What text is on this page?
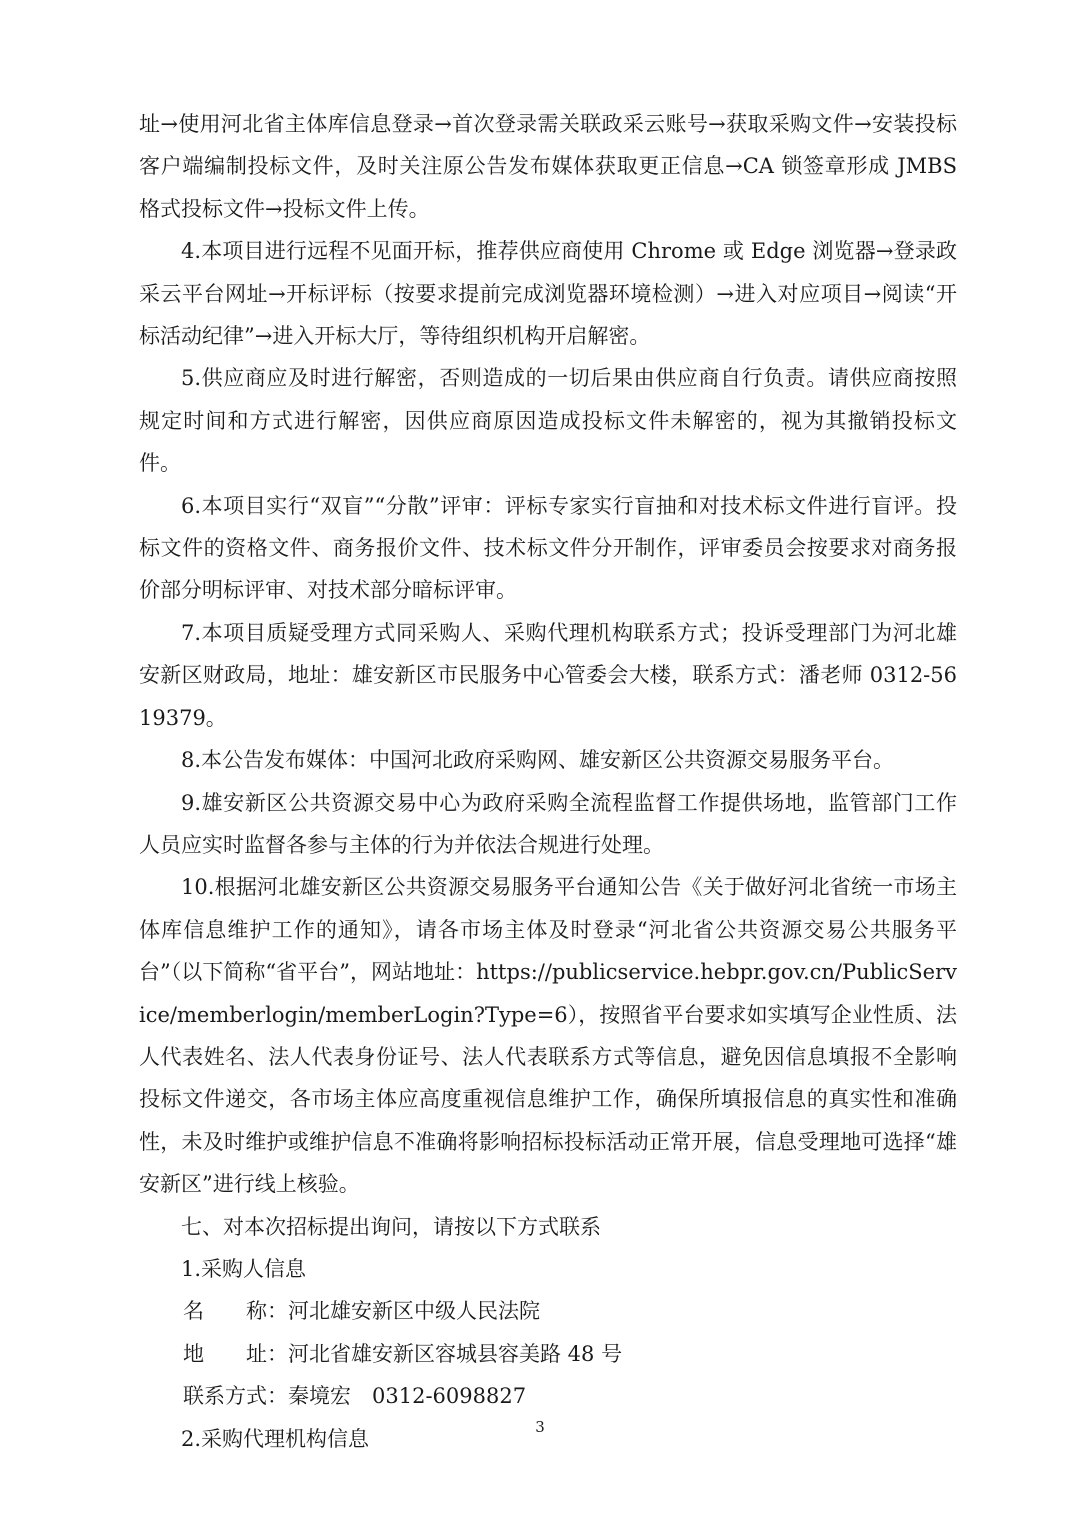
址→使用河北省主体库信息登录→首次登录需关联政采云账号→获取采购文件→安装投标客户端编制投标文件，及时关注原公告发布媒体获取更正信息→CA 锁签章形成 JMBS 格式投标文件→投标文件上传。

4.本项目进行远程不见面开标，推荐供应商使用 Chrome 或 Edge 浏览器→登录政采云平台网址→开标评标（按要求提前完成浏览器环境检测）→进入对应项目→阅读“开标活动纪律”→进入开标大厅，等待组织机构开启解密。

5.供应商应及时进行解密，否则造成的一切后果由供应商自行负责。请供应商按照规定时间和方式进行解密，因供应商原因造成投标文件未解密的，视为其撤销投标文件。

6.本项目实行“双盲”“分散”评审：评标专家实行盲抽和对技术标文件进行盲评。投标文件的资格文件、商务报价文件、技术标文件分开制作，评审委员会按要求对商务报价部分明标评审、对技术部分暗标评审。

7.本项目质疑受理方式同采购人、采购代理机构联系方式；投诉受理部门为河北雄安新区财政局，地址：雄安新区市民服务中心管委会大楼，联系方式：潘老师 0312-5619379。

8.本公告发布媒体：中国河北政府采购网、雄安新区公共资源交易服务平台。

9.雄安新区公共资源交易中心为政府采购全流程监督工作提供场地，监管部门工作人员应实时监督各参与主体的行为并依法合规进行处理。

10.根据河北雄安新区公共资源交易服务平台通知公告《关于做好河北省统一市场主体库信息维护工作的通知》，请各市场主体及时登录“河北省公共资源交易公共服务平台”（以下简称“省平台”，网站地址：https://publicservice.hebpr.gov.cn/PublicService/memberlogin/memberLogin?Type=6），按照省平台要求如实填写企业性质、法人代表姓名、法人代表身份证号、法人代表联系方式等信息，避免因信息填报不全影响投标文件递交，各市场主体应高度重视信息维护工作，确保所填报信息的真实性和准确性，未及时维护或维护信息不准确将影响招标投标活动正常开展，信息受理地可选择“雄安新区”进行线上核验。

七、对本次招标提出询问，请按以下方式联系

1.采购人信息

名　　称：河北雄安新区中级人民法院

地　　址：河北省雄安新区容城县容美路 48 号

联系方式：秦境宏　0312-6098827

2.采购代理机构信息	3
